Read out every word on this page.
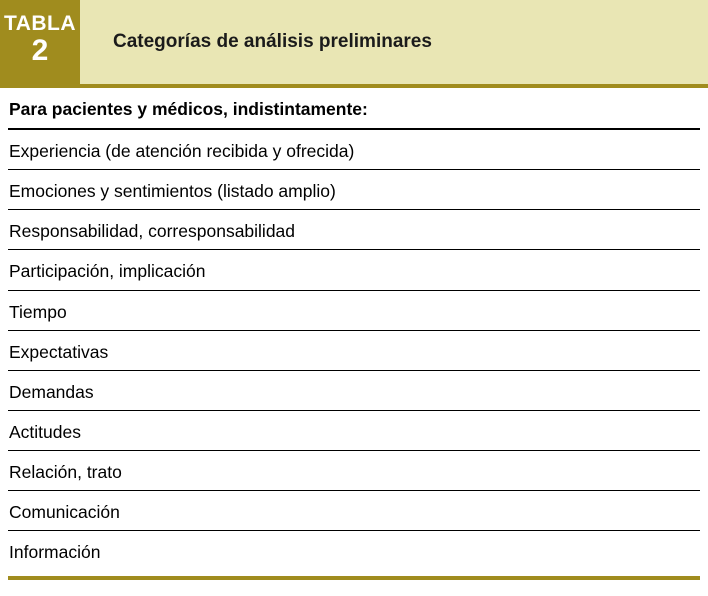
TABLA
2	Categorías de análisis preliminares
Para pacientes y médicos, indistintamente:
Experiencia (de atención recibida y ofrecida)
Emociones y sentimientos (listado amplio)
Responsabilidad, corresponsabilidad
Participación, implicación
Tiempo
Expectativas
Demandas
Actitudes
Relación, trato
Comunicación
Información
